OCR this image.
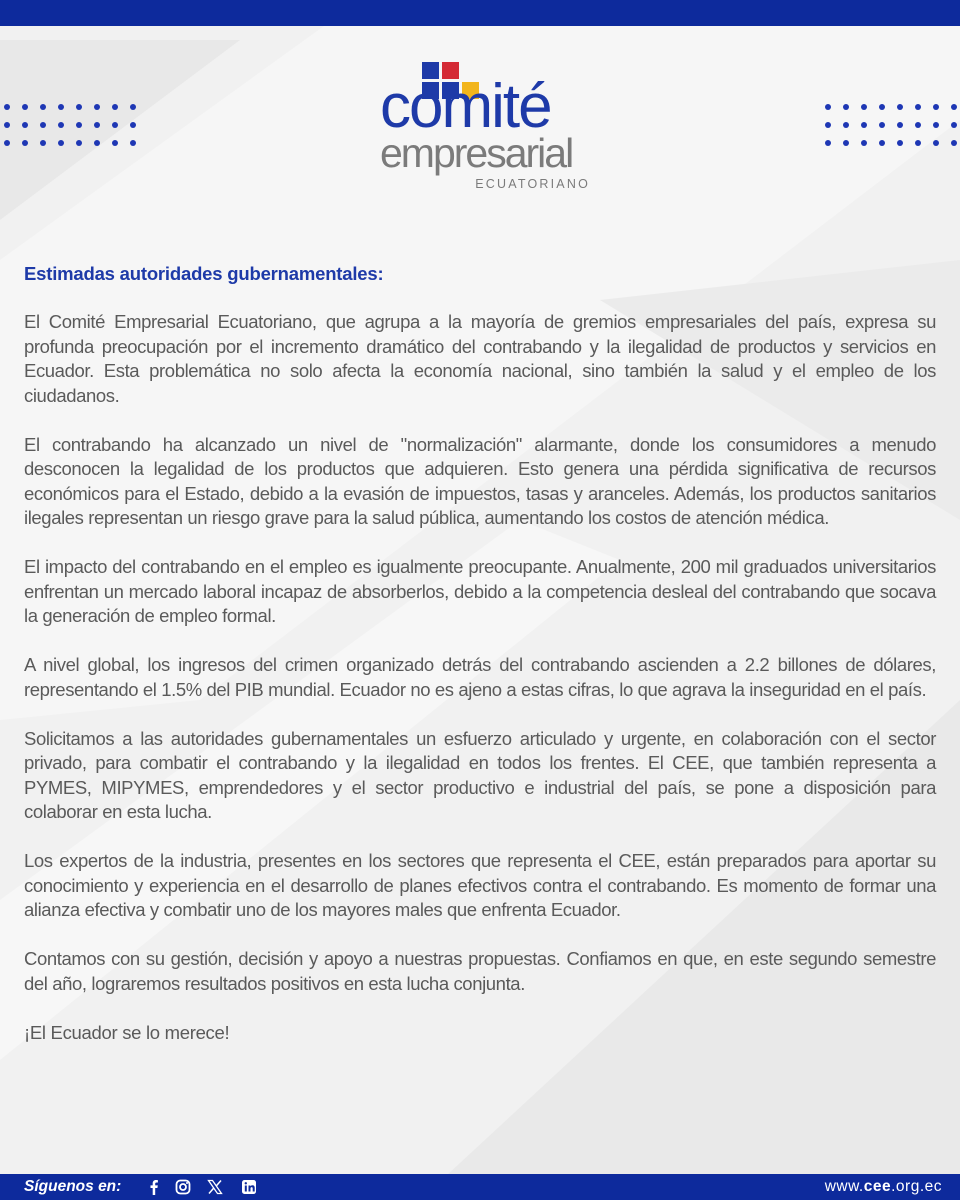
comité
empresarial
ECUATORIANO
Estimadas autoridades gubernamentales:

El Comité Empresarial Ecuatoriano, que agrupa a la mayoría de gremios empresariales del país, expresa su profunda preocupación por el incremento dramático del contrabando y la ilegalidad de productos y servicios en Ecuador. Esta problemática no solo afecta la economía nacional, sino también la salud y el empleo de los ciudadanos.

El contrabando ha alcanzado un nivel de "normalización" alarmante, donde los consumidores a menudo desconocen la legalidad de los productos que adquieren. Esto genera una pérdida significativa de recursos económicos para el Estado, debido a la evasión de impuestos, tasas y aranceles. Además, los productos sanitarios ilegales representan un riesgo grave para la salud pública, aumentando los costos de atención médica.

El impacto del contrabando en el empleo es igualmente preocupante. Anualmente, 200 mil graduados universitarios enfrentan un mercado laboral incapaz de absorberlos, debido a la competencia desleal del contrabando que socava la generación de empleo formal.

A nivel global, los ingresos del crimen organizado detrás del contrabando ascienden a 2.2 billones de dólares, representando el 1.5% del PIB mundial. Ecuador no es ajeno a estas cifras, lo que agrava la inseguridad en el país.

Solicitamos a las autoridades gubernamentales un esfuerzo articulado y urgente, en colaboración con el sector privado, para combatir el contrabando y la ilegalidad en todos los frentes. El CEE, que también representa a PYMES, MIPYMES, emprendedores y el sector productivo e industrial del país, se pone a disposición para colaborar en esta lucha.

Los expertos de la industria, presentes en los sectores que representa el CEE, están preparados para aportar su conocimiento y experiencia en el desarrollo de planes efectivos contra el contrabando. Es momento de formar una alianza efectiva y combatir uno de los mayores males que enfrenta Ecuador.

Contamos con su gestión, decisión y apoyo a nuestras propuestas. Confiamos en que, en este segundo semestre del año, lograremos resultados positivos en esta lucha conjunta.

¡El Ecuador se lo merece!

Síguenos en:	www.cee.org.ec
